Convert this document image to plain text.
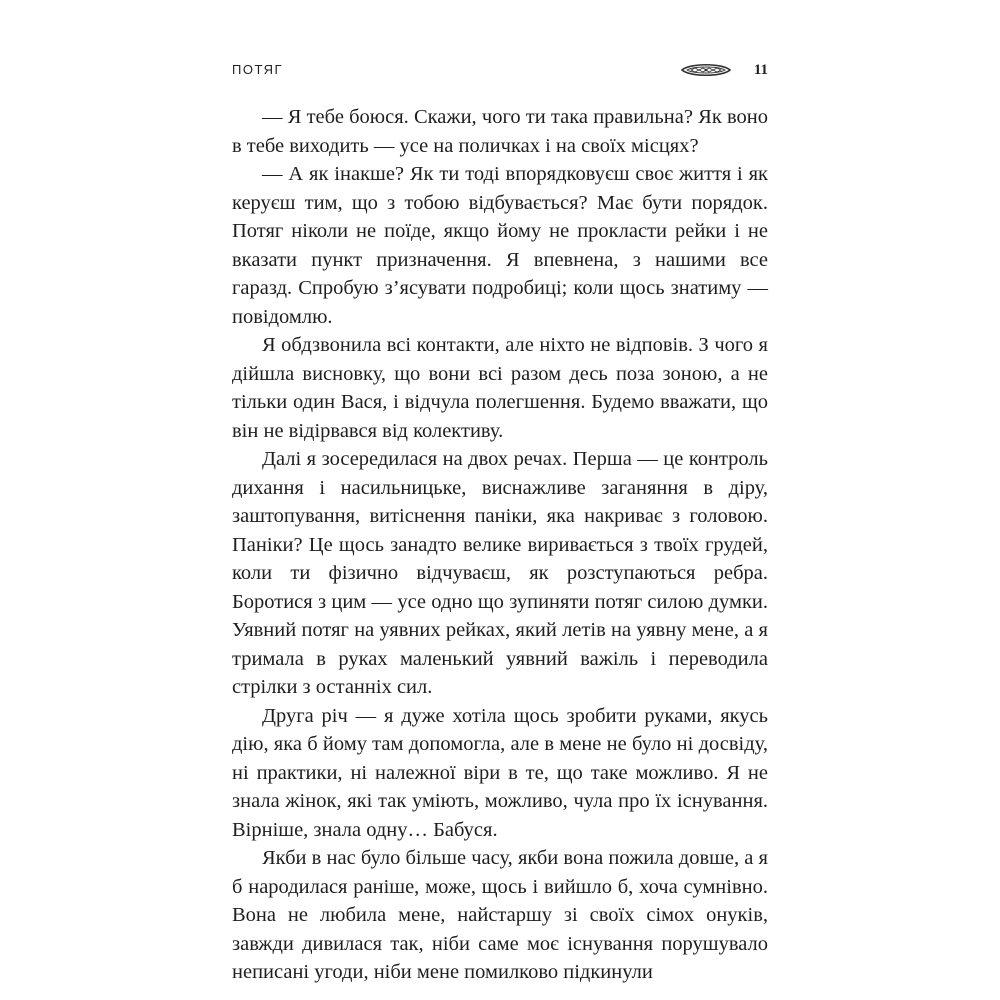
ПОТЯГ	11

— Я тебе боюся. Скажи, чого ти така правильна? Як воно в тебе виходить — усе на поличках і на своїх місцях?

— А як інакше? Як ти тоді впорядковуєш своє життя і як керуєш тим, що з тобою відбувається? Має бути порядок. Потяг ніколи не поїде, якщо йому не прокласти рейки і не вказати пункт призначення. Я впевнена, з нашими все гаразд. Спробую з’ясувати подробиці; коли щось знатиму — повідомлю.

Я обдзвонила всі контакти, але ніхто не відповів. З чого я дійшла висновку, що вони всі разом десь поза зоною, а не тільки один Вася, і відчула полегшення. Будемо вважати, що він не відірвався від колективу.

Далі я зосередилася на двох речах. Перша — це контроль дихання і насильницьке, виснажливе заганяння в діру, заштопування, витіснення паніки, яка накриває з головою. Паніки? Це щось занадто велике виривається з твоїх грудей, коли ти фізично відчуваєш, як розступаються ребра. Боротися з цим — усе одно що зупиняти потяг силою думки. Уявний потяг на уявних рейках, який летів на уявну мене, а я тримала в руках маленький уявний важіль і переводила стрілки з останніх сил.

Друга річ — я дуже хотіла щось зробити руками, якусь дію, яка б йому там допомогла, але в мене не було ні досвіду, ні практики, ні належної віри в те, що таке можливо. Я не знала жінок, які так уміють, можливо, чула про їх існування. Вірніше, знала одну… Бабуся.

Якби в нас було більше часу, якби вона пожила довше, а я б народилася раніше, може, щось і вийшло б, хоча сумнівно. Вона не любила мене, найстаршу зі своїх сімох онуків, завжди дивилася так, ніби саме моє існування порушувало неписані угоди, ніби мене помилково підкинули
